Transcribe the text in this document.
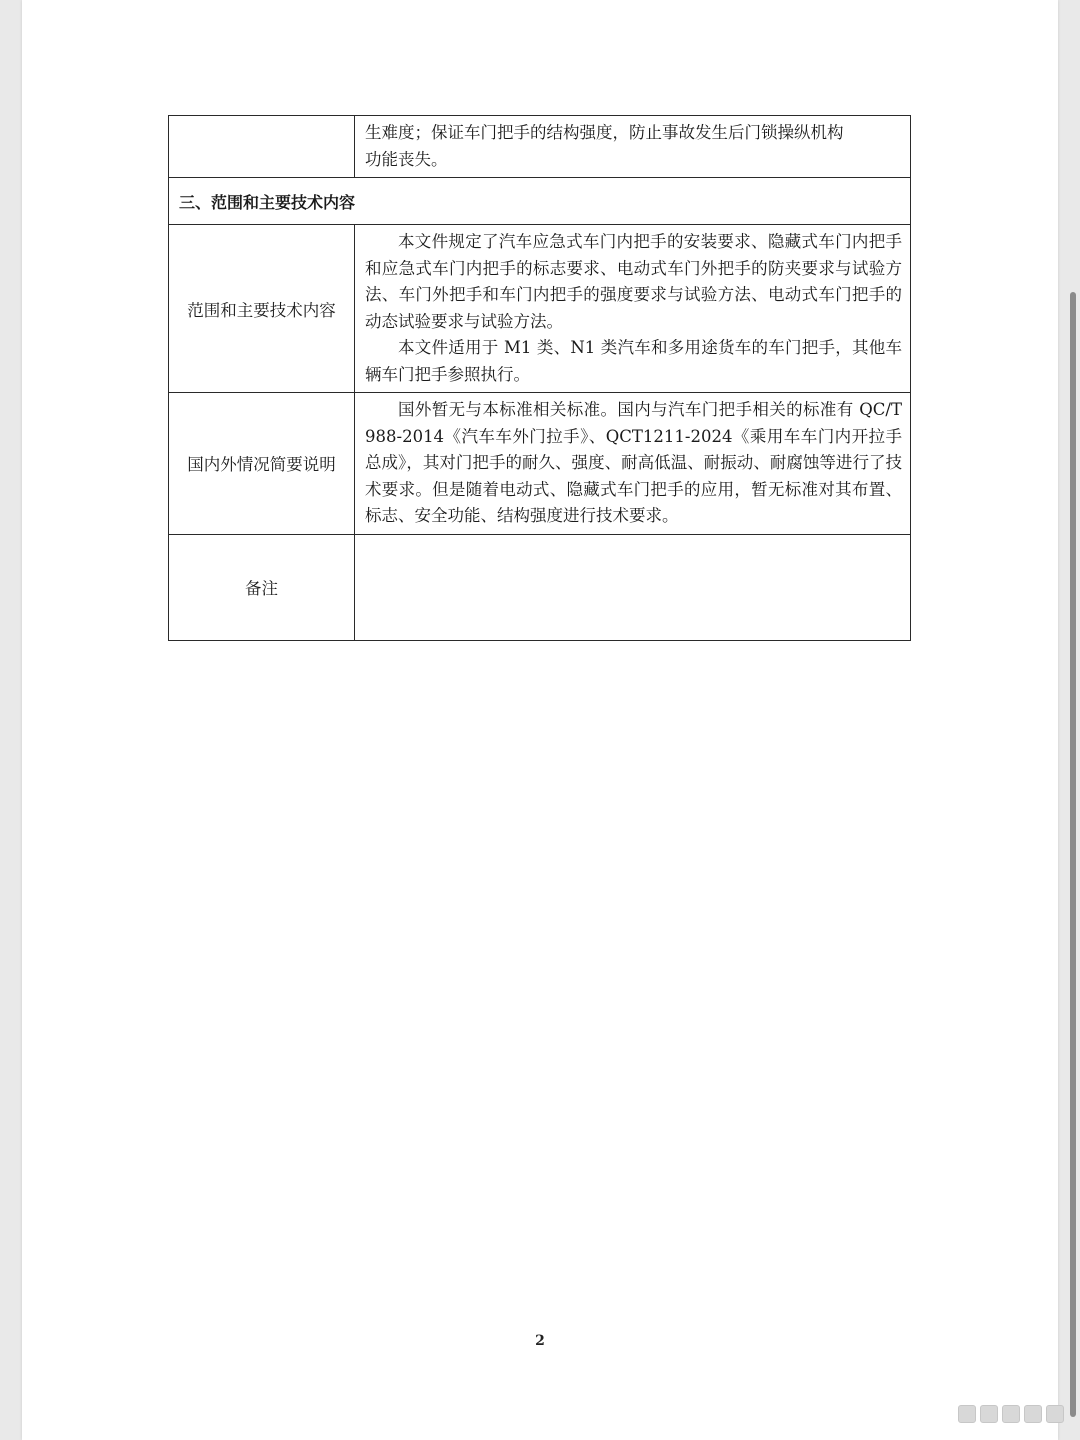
	生难度；保证车门把手的结构强度，防止事故发生后门锁操纵机构
功能丧失。

三、范围和主要技术内容	
范围和主要技术内容	本文件规定了汽车应急式车门内把手的安装要求、隐藏式车门内把手和应急式车门内把手的标志要求、电动式车门外把手的防夹要求与试验方法、车门外把手和车门内把手的强度要求与试验方法、电动式车门把手的动态试验要求与试验方法。

本文件适用于 M1 类、N1 类汽车和多用途货车的车门把手，其他车辆车门把手参照执行。

国内外情况简要说明	国外暂无与本标准相关标准。国内与汽车门把手相关的标准有 QC/T 988-2014《汽车车外门拉手》、QCT1211-2024《乘用车车门内开拉手总成》，其对门把手的耐久、强度、耐高低温、耐振动、耐腐蚀等进行了技术要求。但是随着电动式、隐藏式车门把手的应用，暂无标准对其布置、标志、安全功能、结构强度进行技术要求。

备注	
2
